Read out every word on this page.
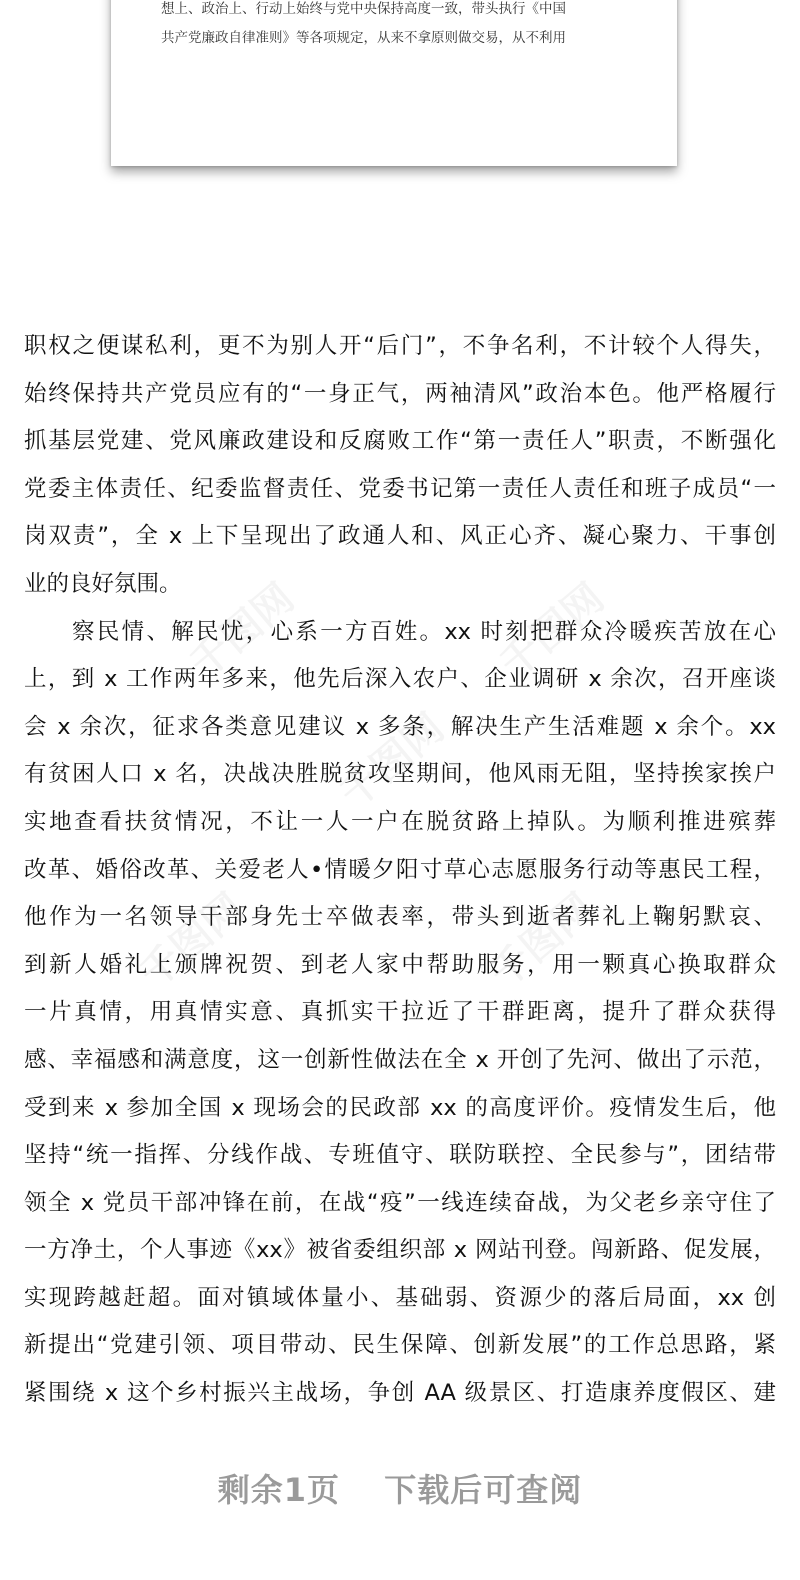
想上、政治上、行动上始终与党中央保持高度一致，带头执行《中国
共产党廉政自律准则》等各项规定，从来不拿原则做交易，从不利用
职权之便谋私利，更不为别人开“后门”，不争名利，不计较个人得失，
始终保持共产党员应有的“一身正气，两袖清风”政治本色。他严格履行
抓基层党建、党风廉政建设和反腐败工作“第一责任人”职责，不断强化
党委主体责任、纪委监督责任、党委书记第一责任人责任和班子成员“一
岗双责”，全 x 上下呈现出了政通人和、风正心齐、凝心聚力、干事创
业的良好氛围。
察民情、解民忧，心系一方百姓。xx 时刻把群众冷暖疾苦放在心
上，到 x 工作两年多来，他先后深入农户、企业调研 x 余次，召开座谈
会 x 余次，征求各类意见建议 x 多条，解决生产生活难题 x 余个。xx
有贫困人口 x 名，决战决胜脱贫攻坚期间，他风雨无阻，坚持挨家挨户
实地查看扶贫情况，不让一人一户在脱贫路上掉队。为顺利推进殡葬
改革、婚俗改革、关爱老人•情暖夕阳寸草心志愿服务行动等惠民工程，
他作为一名领导干部身先士卒做表率，带头到逝者葬礼上鞠躬默哀、
到新人婚礼上颁牌祝贺、到老人家中帮助服务，用一颗真心换取群众
一片真情，用真情实意、真抓实干拉近了干群距离，提升了群众获得
感、幸福感和满意度，这一创新性做法在全 x 开创了先河、做出了示范，
受到来 x 参加全国 x 现场会的民政部 xx 的高度评价。疫情发生后，他
坚持“统一指挥、分线作战、专班值守、联防联控、全民参与”，团结带
领全 x 党员干部冲锋在前，在战“疫”一线连续奋战，为父老乡亲守住了
一方净土，个人事迹《xx》被省委组织部 x 网站刊登。闯新路、促发展，
实现跨越赶超。面对镇域体量小、基础弱、资源少的落后局面，xx 创
新提出“党建引领、项目带动、民生保障、创新发展”的工作总思路，紧
紧围绕 x 这个乡村振兴主战场，争创 AA 级景区、打造康养度假区、建
剩余1页 下载后可查阅
